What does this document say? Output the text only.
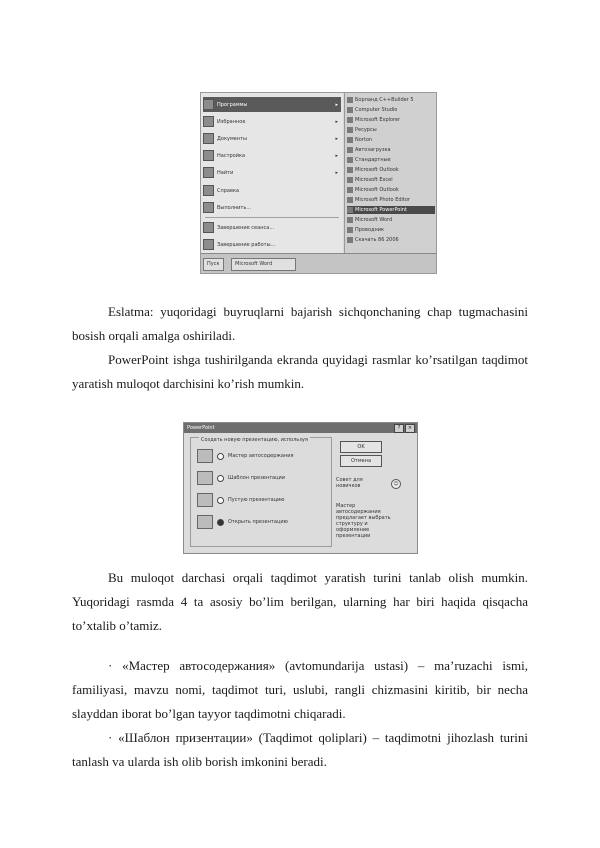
Программы	▸
Избранное	▸
Документы	▸
Настройка	▸
Найти	▸
Справка
Выполнить...
Завершение сеанса...
Завершение работы...
Борланд C++Builder 5
Computer Studio
Microsoft Explorer
Ресурсы
Norton
Автозагрузка
Стандартные
Microsoft Outlook
Microsoft Excel
Microsoft Outlook
Microsoft Photo Editor
Microsoft PowerPoint
Microsoft Word
Проводник
Скачать 86 2006
Пуск	Microsoft Word

Eslatma: yuqoridagi buyruqlarni bajarish sichqonchaning chap tugmachasini bosish orqali amalga oshiriladi.

PowerPoint ishga tushirilganda ekranda quyidagi rasmlar ko’rsatilgan taqdimot yaratish muloqot darchisini ko’rish mumkin.

PowerPoint	?	×
Создать новую презентацию, используя
Мастер автосодержания
Шаблон презентации
Пустую презентацию
Открыть презентацию
OK
Отмена
Совет для новичков	☺
Мастер автосодержания предлагает выбрать структуру и оформление презентации

Bu muloqot darchasi orqali taqdimot yaratish turini tanlab olish mumkin. Yuqoridagi rasmda 4 ta asosiy bo’lim berilgan, ularning har biri haqida qisqacha to’xtalib o’tamiz.

· «Мастер автосодержания» (avtomundarija ustasi) – ma’ruzachi ismi, familiyasi, mavzu nomi, taqdimot turi, uslubi, rangli chizmasini kiritib, bir necha slayddan iborat bo’lgan tayyor taqdimotni chiqaradi.

· «Шаблон призентации» (Taqdimot qoliplari) – taqdimotni jihozlash turini tanlash va ularda ish olib borish imkonini beradi.
